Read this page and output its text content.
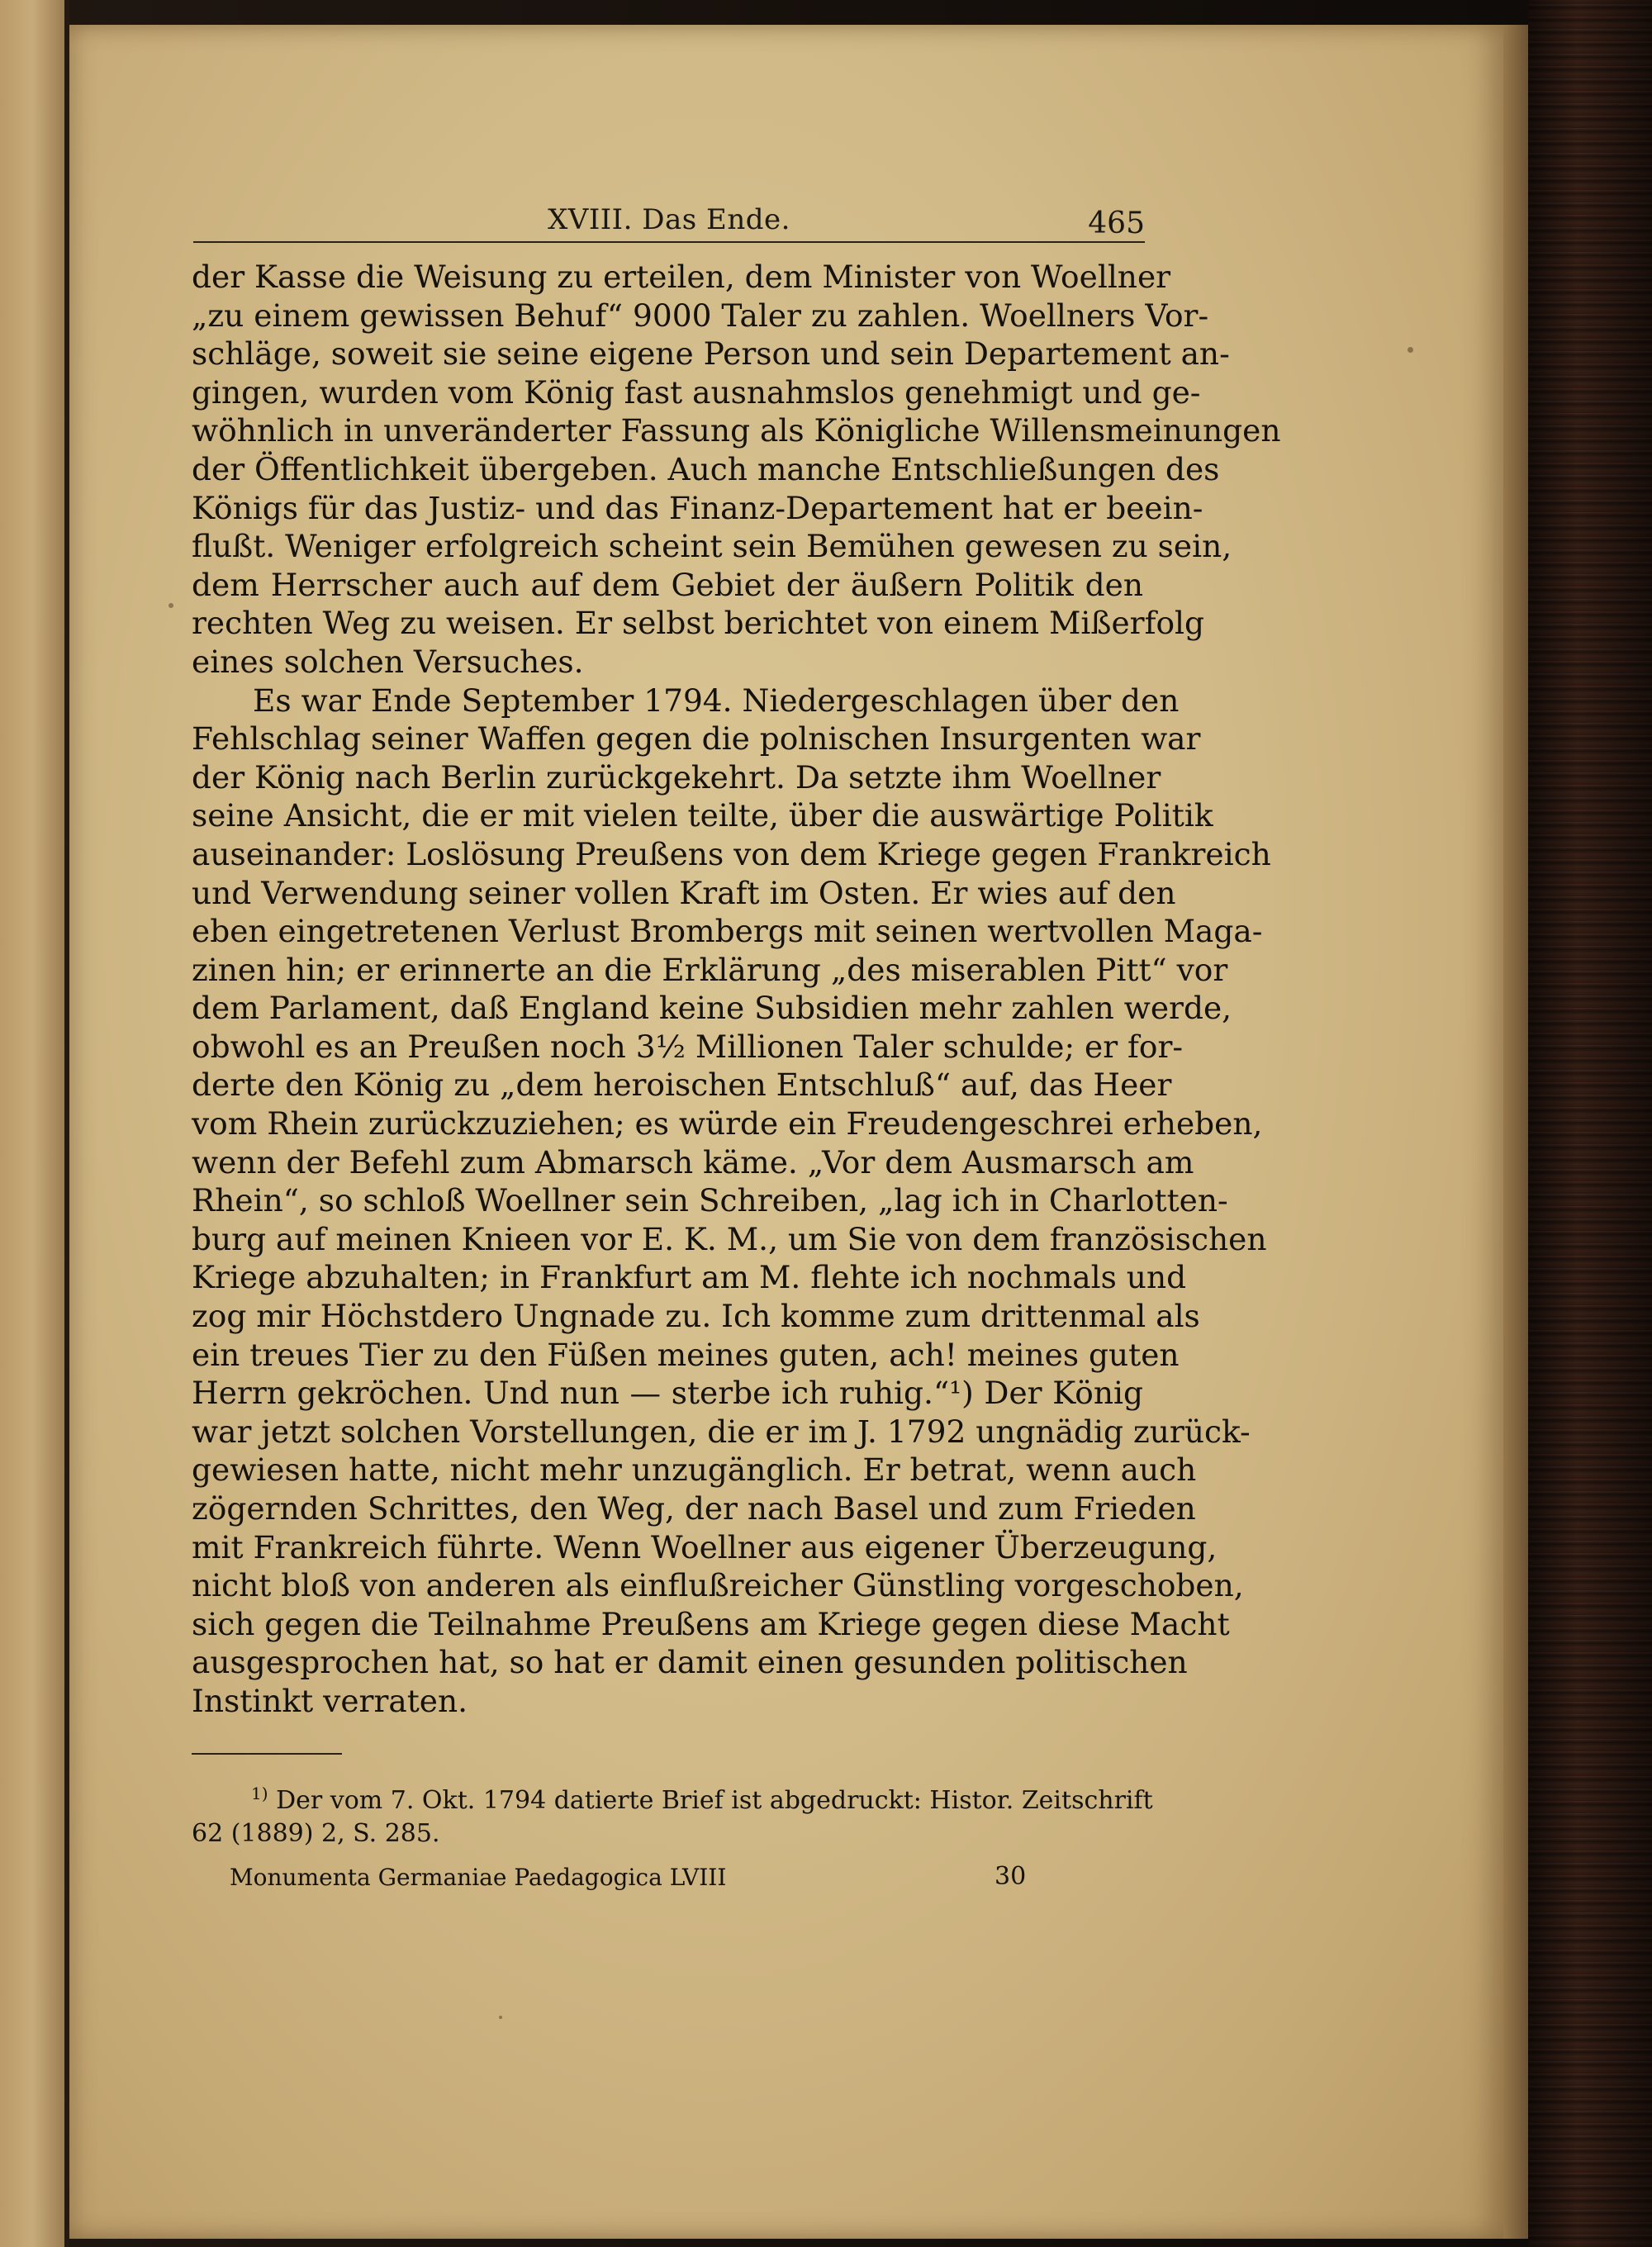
XVIII. Das Ende.	465
der Kasse die Weisung zu erteilen, dem Minister von Woellner
„zu einem gewissen Behuf“ 9000 Taler zu zahlen. Woellners Vor-
schläge, soweit sie seine eigene Person und sein Departement an-
gingen, wurden vom König fast ausnahmslos genehmigt und ge-
wöhnlich in unveränderter Fassung als Königliche Willensmeinungen
der Öffentlichkeit übergeben. Auch manche Entschließungen des
Königs für das Justiz- und das Finanz-Departement hat er beein-
flußt. Weniger erfolgreich scheint sein Bemühen gewesen zu sein,
dem Herrscher auch auf dem Gebiet der äußern Politik den
rechten Weg zu weisen. Er selbst berichtet von einem Mißerfolg
eines solchen Versuches.
Es war Ende September 1794. Niedergeschlagen über den
Fehlschlag seiner Waffen gegen die polnischen Insurgenten war
der König nach Berlin zurückgekehrt. Da setzte ihm Woellner
seine Ansicht, die er mit vielen teilte, über die auswärtige Politik
auseinander: Loslösung Preußens von dem Kriege gegen Frankreich
und Verwendung seiner vollen Kraft im Osten. Er wies auf den
eben eingetretenen Verlust Brombergs mit seinen wertvollen Maga-
zinen hin; er erinnerte an die Erklärung „des miserablen Pitt“ vor
dem Parlament, daß England keine Subsidien mehr zahlen werde,
obwohl es an Preußen noch 3½ Millionen Taler schulde; er for-
derte den König zu „dem heroischen Entschluß“ auf, das Heer
vom Rhein zurückzuziehen; es würde ein Freudengeschrei erheben,
wenn der Befehl zum Abmarsch käme. „Vor dem Ausmarsch am
Rhein“, so schloß Woellner sein Schreiben, „lag ich in Charlotten-
burg auf meinen Knieen vor E. K. M., um Sie von dem französischen
Kriege abzuhalten; in Frankfurt am M. flehte ich nochmals und
zog mir Höchstdero Ungnade zu. Ich komme zum drittenmal als
ein treues Tier zu den Füßen meines guten, ach! meines guten
Herrn gekröchen. Und nun — sterbe ich ruhig.“¹) Der König
war jetzt solchen Vorstellungen, die er im J. 1792 ungnädig zurück-
gewiesen hatte, nicht mehr unzugänglich. Er betrat, wenn auch
zögernden Schrittes, den Weg, der nach Basel und zum Frieden
mit Frankreich führte. Wenn Woellner aus eigener Überzeugung,
nicht bloß von anderen als einflußreicher Günstling vorgeschoben,
sich gegen die Teilnahme Preußens am Kriege gegen diese Macht
ausgesprochen hat, so hat er damit einen gesunden politischen
Instinkt verraten.
$^{1)}$ Der vom 7. Okt. 1794 datierte Brief ist abgedruckt: Histor. Zeitschrift
62 (1889) 2, S. 285.
Monumenta Germaniae Paedagogica LVIII	30
